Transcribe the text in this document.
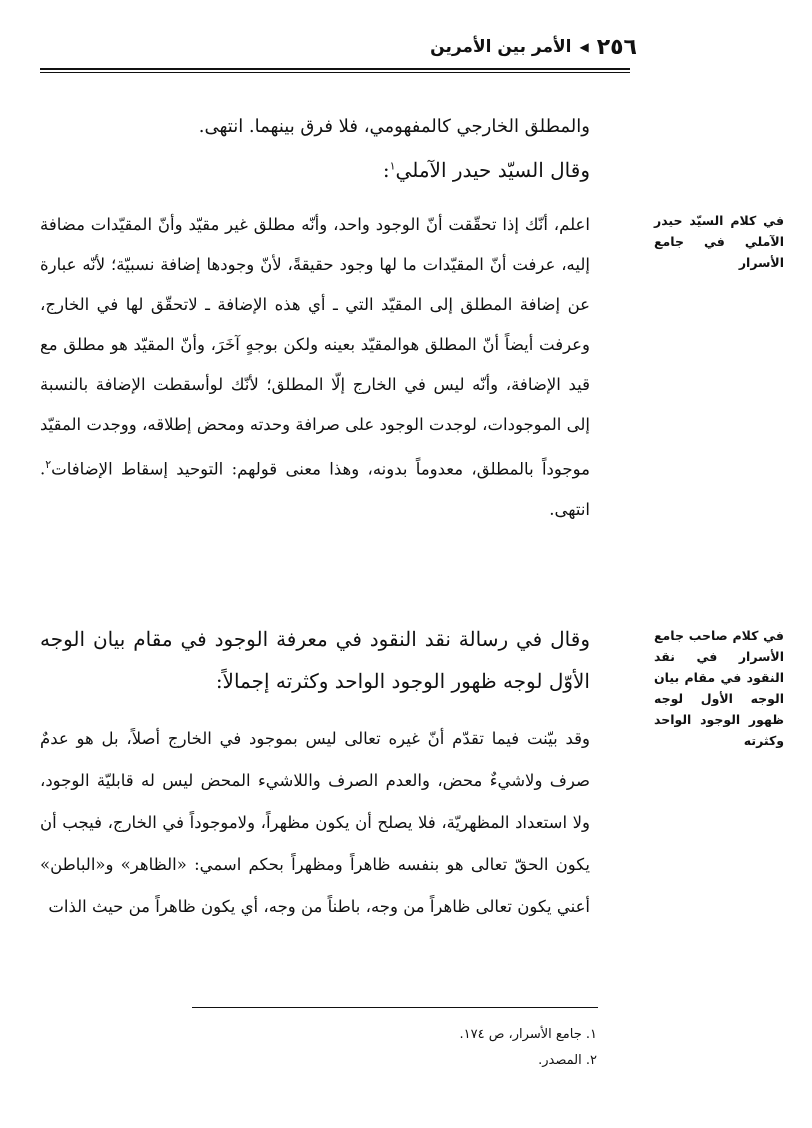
٢٥٦
◀
الأمر بين الأمرين
والمطلق الخارجي كالمفهومي، فلا فرق بينهما. انتهى.
وقال السيّد حيدر الآملي$^١$:
اعلم، أنّك إذا تحقّقت أنّ الوجود واحد، وأنّه مطلق غير مقيّد وأنّ المقيّدات مضافة إليه، عرفت أنّ المقيّدات ما لها وجود حقيقةً، لأنّ وجودها إضافة نسبيّة؛ لأنّه عبارة عن إضافة المطلق إلى المقيّد التي ـ أي هذه الإضافة ـ لاتحقّق لها في الخارج، وعرفت أيضاً أنّ المطلق هوالمقيّد بعينه ولكن بوجهٍ آخَرَ، وأنّ المقيّد هو مطلق مع قيد الإضافة، وأنّه ليس في الخارج إلّا المطلق؛ لأنّك لوأسقطت الإضافة بالنسبة إلى الموجودات، لوجدت الوجود على صرافة وحدته ومحض إطلاقه، ووجدت المقيّد موجوداً بالمطلق، معدوماً بدونه، وهذا معنى قولهم: التوحيد إسقاط الإضافات$^٢$. انتهى.
وقال في رسالة نقد النقود في معرفة الوجود في مقام بيان الوجه الأوّل لوجه ظهور الوجود الواحد وكثرته إجمالاً:
وقد بيّنت فيما تقدّم أنّ غيره تعالى ليس بموجود في الخارج أصلاً، بل هو عدمٌ صرف ولاشيءٌ محض، والعدم الصرف واللاشيء المحض ليس له قابليّة الوجود، ولا استعداد المظهريّة، فلا يصلح أن يكون مظهراً، ولاموجوداً في الخارج، فيجب أن يكون الحقّ تعالى هو بنفسه ظاهراً ومظهراً بحكم اسمي: «الظاهر» و«الباطن» أعني يكون تعالى ظاهراً من وجه، باطناً من وجه، أي يكون ظاهراً من حيث الذات
في كلام السيّد حيدر الآملي في جامع الأسرار
في كلام صاحب جامع الأسرار في نقد النقود في مقام بيان الوجه الأول لوجه ظهور الوجود الواحد وكثرته
١. جامع الأسرار، ص ١٧٤.
٢. المصدر.
